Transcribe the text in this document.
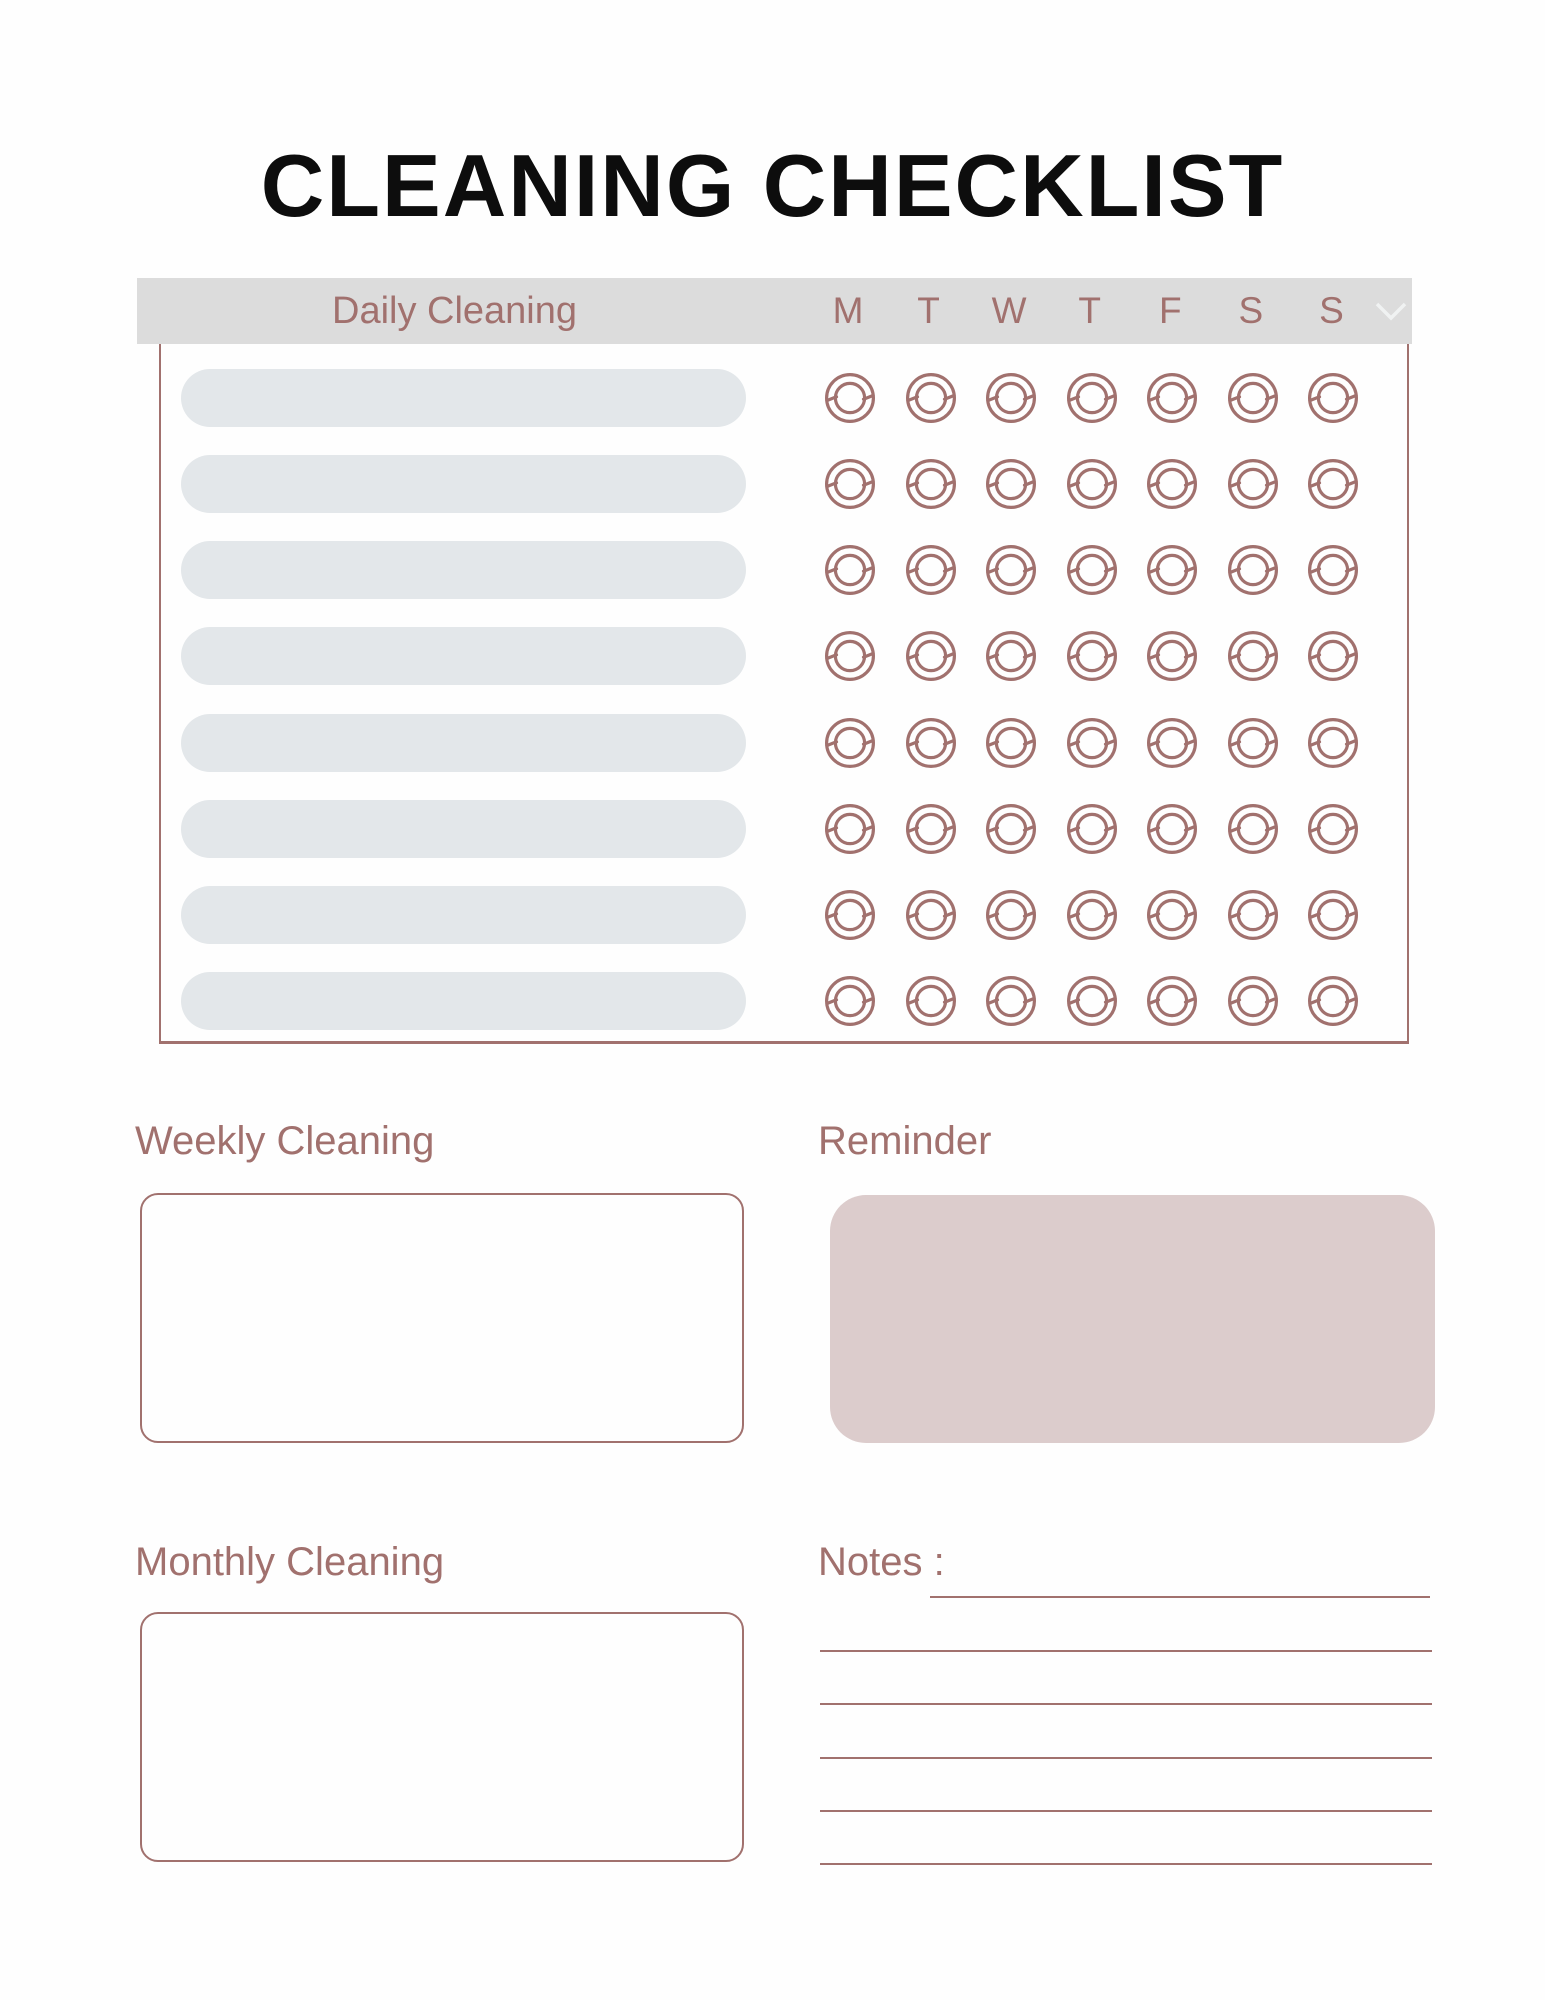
CLEANING CHECKLIST
Daily Cleaning	M	T	W	T	F	S	S
Weekly Cleaning	Reminder
Monthly Cleaning	Notes :
